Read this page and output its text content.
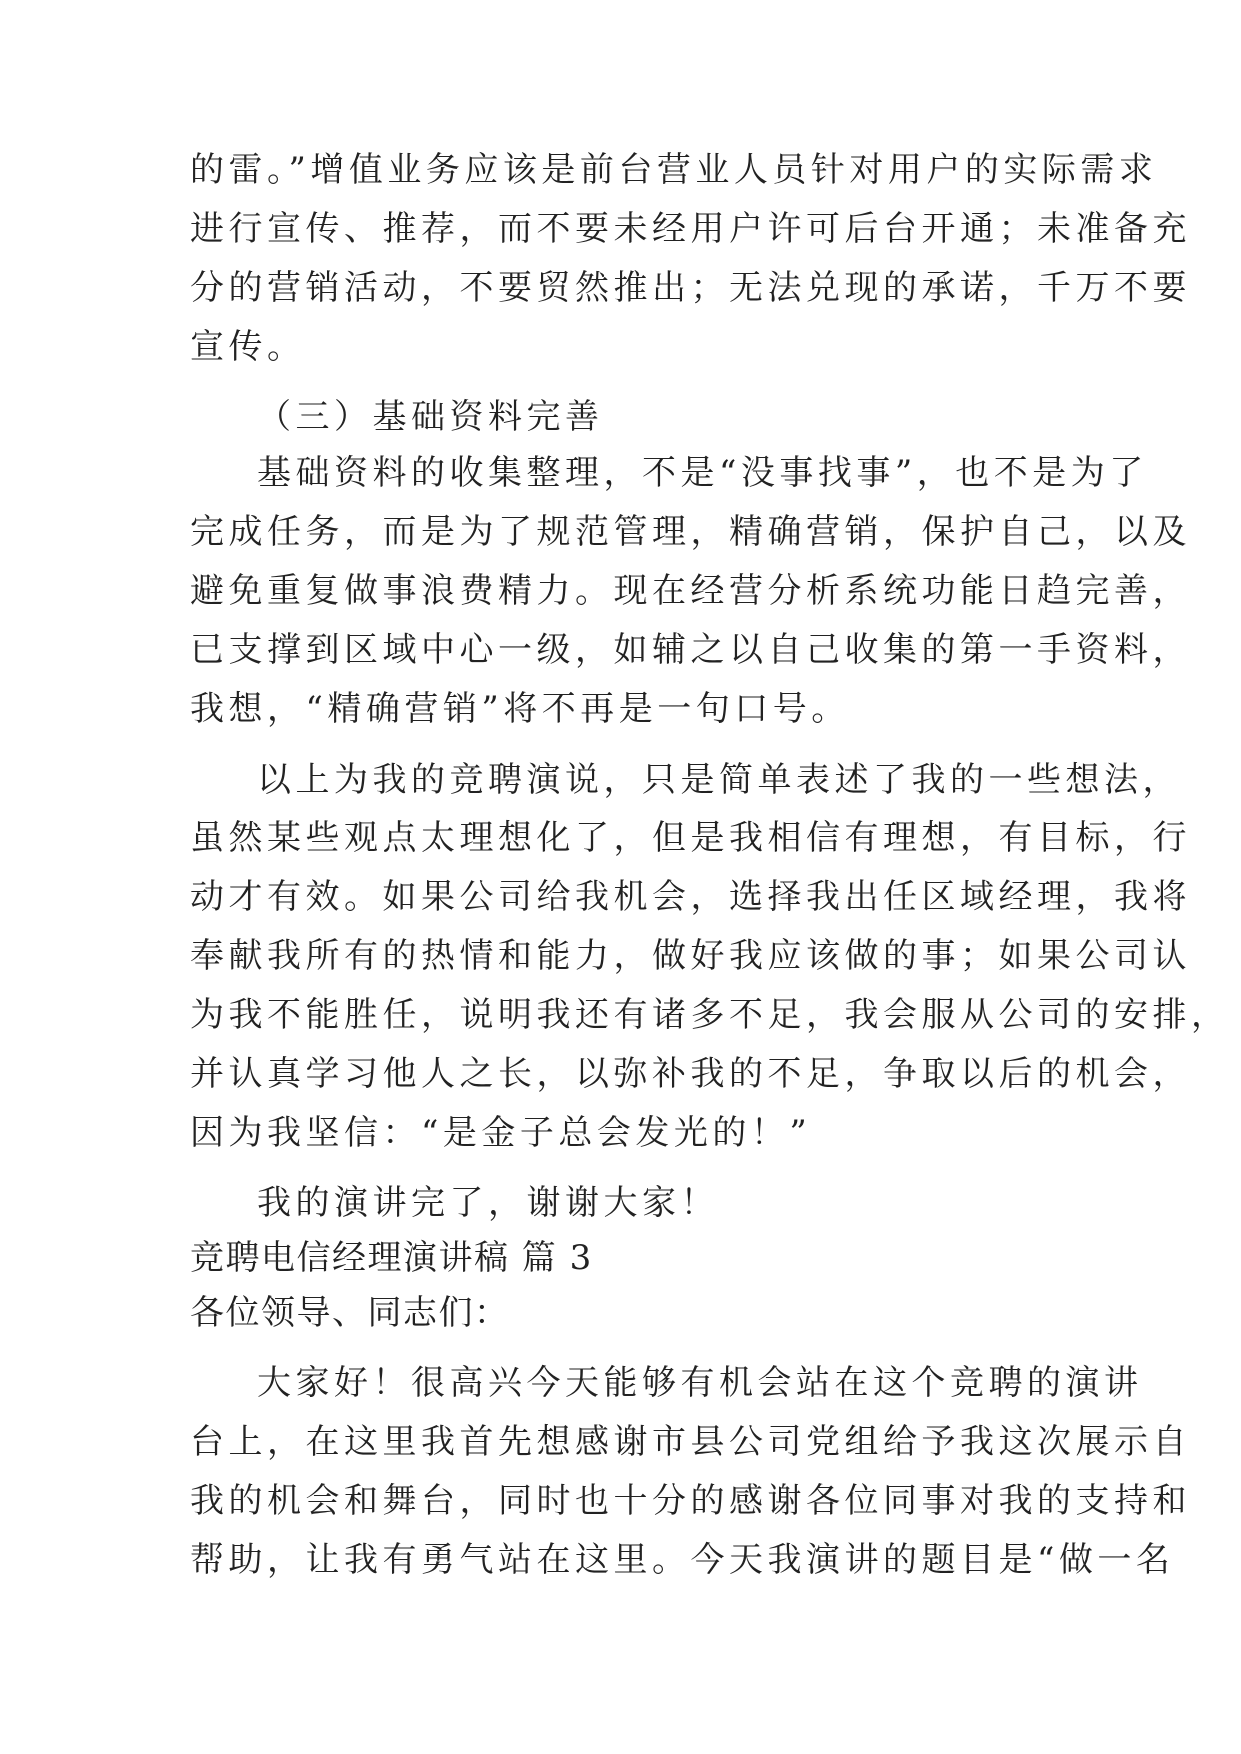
的雷。”增值业务应该是前台营业人员针对用户的实际需求
进行宣传、推荐，而不要未经用户许可后台开通；未准备充
分的营销活动，不要贸然推出；无法兑现的承诺，千万不要
宣传。
（三）基础资料完善
基础资料的收集整理，不是“没事找事”，也不是为了
完成任务，而是为了规范管理，精确营销，保护自己，以及
避免重复做事浪费精力。现在经营分析系统功能日趋完善，
已支撑到区域中心一级，如辅之以自己收集的第一手资料，
我想，“精确营销”将不再是一句口号。
以上为我的竞聘演说，只是简单表述了我的一些想法，
虽然某些观点太理想化了，但是我相信有理想，有目标，行
动才有效。如果公司给我机会，选择我出任区域经理，我将
奉献我所有的热情和能力，做好我应该做的事；如果公司认
为我不能胜任，说明我还有诸多不足，我会服从公司的安排，
并认真学习他人之长，以弥补我的不足，争取以后的机会，
因为我坚信：“是金子总会发光的！”
我的演讲完了，谢谢大家！
竞聘电信经理演讲稿 篇 3
各位领导、同志们：
大家好！很高兴今天能够有机会站在这个竞聘的演讲
台上，在这里我首先想感谢市县公司党组给予我这次展示自
我的机会和舞台，同时也十分的感谢各位同事对我的支持和
帮助，让我有勇气站在这里。今天我演讲的题目是“做一名
